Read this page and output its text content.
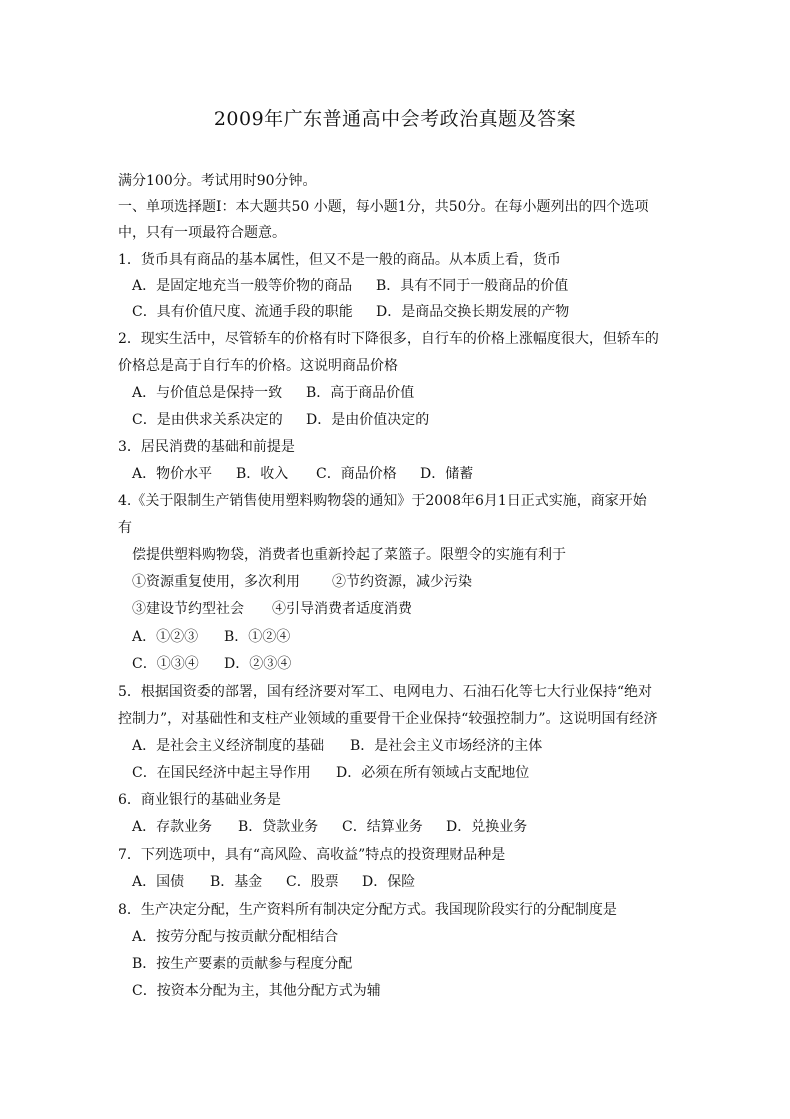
2009年广东普通高中会考政治真题及答案
满分100分。考试用时90分钟。
一、单项选择题Ⅰ：本大题共50 小题，每小题1分，共50分。在每小题列出的四个选项
中，只有一项最符合题意。
1．货币具有商品的基本属性，但又不是一般的商品。从本质上看，货币
A．是固定地充当一般等价物的商品 B．具有不同于一般商品的价值
C．具有价值尺度、流通手段的职能 D．是商品交换长期发展的产物
2．现实生活中，尽管轿车的价格有时下降很多，自行车的价格上涨幅度很大，但轿车的
价格总是高于自行车的价格。这说明商品价格
A．与价值总是保持一致 B．高于商品价值
C．是由供求关系决定的 D．是由价值决定的
3．居民消费的基础和前提是
A．物价水平 B．收入 C．商品价格 D．储蓄
4.《关于限制生产销售使用塑料购物袋的通知》于2008年6月1日正式实施，商家开始
有
偿提供塑料购物袋，消费者也重新拎起了菜篮子。限塑令的实施有利于
①资源重复使用，多次利用 ②节约资源，减少污染
③建设节约型社会 ④引导消费者适度消费
A．①②③ B．①②④
C．①③④ D．②③④
5．根据国资委的部署，国有经济要对军工、电网电力、石油石化等七大行业保持“绝对
控制力”，对基础性和支柱产业领域的重要骨干企业保持“较强控制力”。这说明国有经济
A．是社会主义经济制度的基础 B．是社会主义市场经济的主体
C．在国民经济中起主导作用 D．必须在所有领域占支配地位
6．商业银行的基础业务是
A．存款业务 B．贷款业务 C．结算业务 D．兑换业务
7．下列选项中，具有“高风险、高收益”特点的投资理财品种是
A．国债 B．基金 C．股票 D．保险
8．生产决定分配，生产资料所有制决定分配方式。我国现阶段实行的分配制度是
A．按劳分配与按贡献分配相结合
B．按生产要素的贡献参与程度分配
C．按资本分配为主，其他分配方式为辅
